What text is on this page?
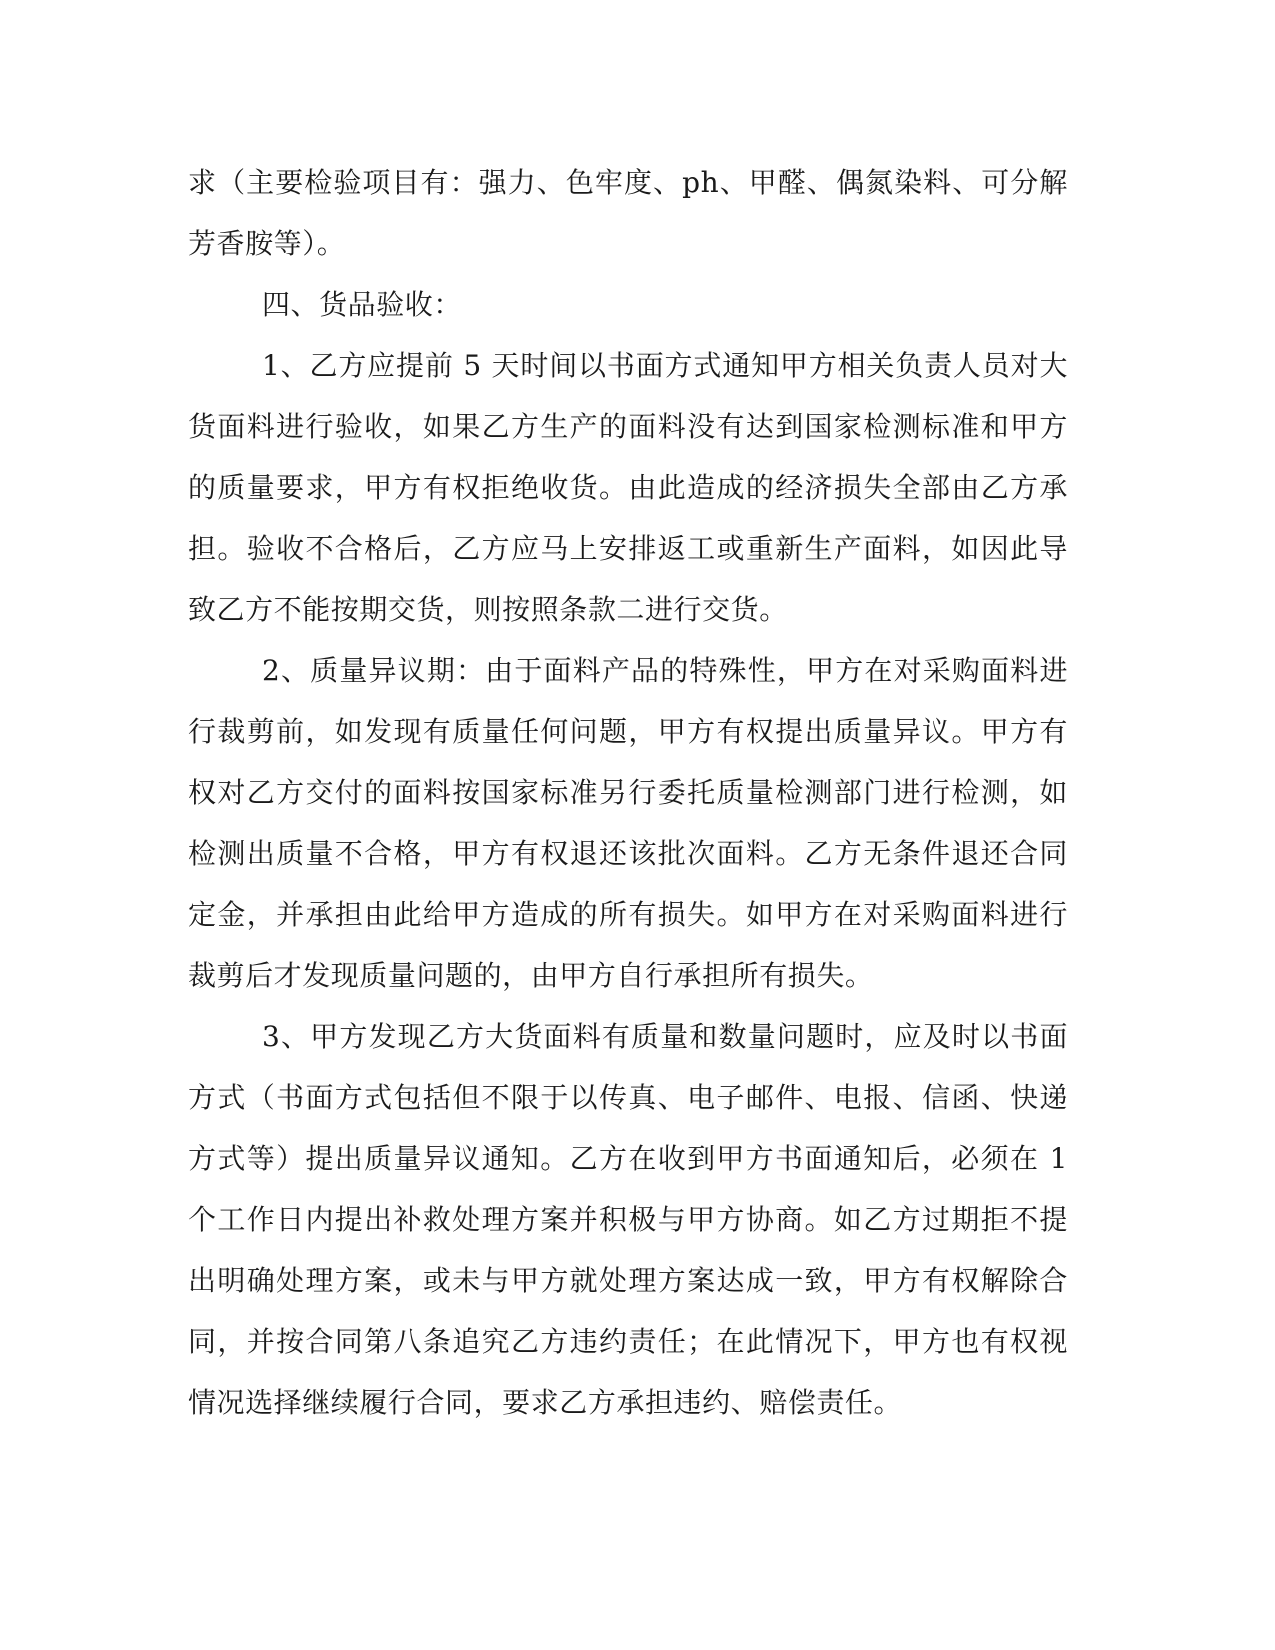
求（主要检验项目有：强力、色牢度、ph、甲醛、偶氮染料、可分解
芳香胺等）。
四、货品验收：
1、乙方应提前 5 天时间以书面方式通知甲方相关负责人员对大
货面料进行验收，如果乙方生产的面料没有达到国家检测标准和甲方
的质量要求，甲方有权拒绝收货。由此造成的经济损失全部由乙方承
担。验收不合格后，乙方应马上安排返工或重新生产面料，如因此导
致乙方不能按期交货，则按照条款二进行交货。
2、质量异议期：由于面料产品的特殊性，甲方在对采购面料进
行裁剪前，如发现有质量任何问题，甲方有权提出质量异议。甲方有
权对乙方交付的面料按国家标准另行委托质量检测部门进行检测，如
检测出质量不合格，甲方有权退还该批次面料。乙方无条件退还合同
定金，并承担由此给甲方造成的所有损失。如甲方在对采购面料进行
裁剪后才发现质量问题的，由甲方自行承担所有损失。
3、甲方发现乙方大货面料有质量和数量问题时，应及时以书面
方式（书面方式包括但不限于以传真、电子邮件、电报、信函、快递
方式等）提出质量异议通知。乙方在收到甲方书面通知后，必须在 1
个工作日内提出补救处理方案并积极与甲方协商。如乙方过期拒不提
出明确处理方案，或未与甲方就处理方案达成一致，甲方有权解除合
同，并按合同第八条追究乙方违约责任；在此情况下，甲方也有权视
情况选择继续履行合同，要求乙方承担违约、赔偿责任。
